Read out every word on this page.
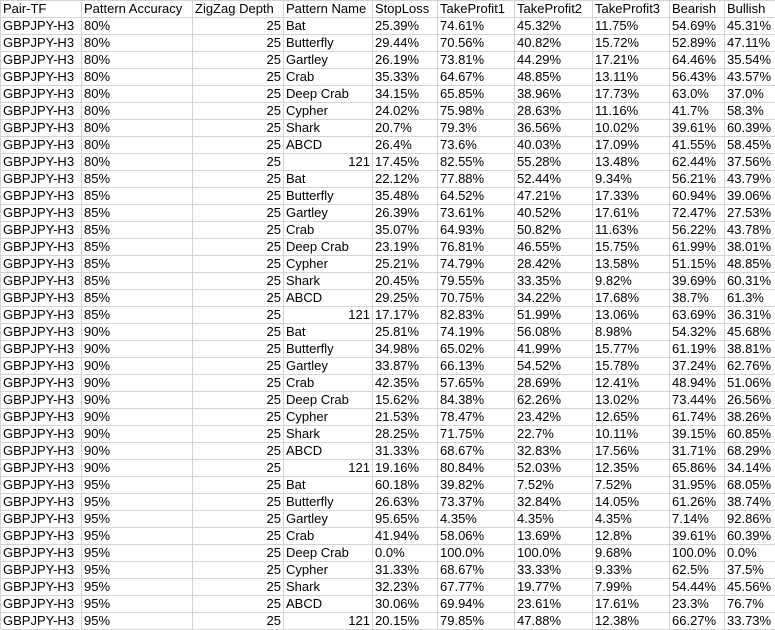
Pair-TF	Pattern Accuracy	ZigZag Depth	Pattern Name	StopLoss	TakeProfit1	TakeProfit2	TakeProfit3	Bearish	Bullish
GBPJPY-H3	80%	25	Bat	25.39%	74.61%	45.32%	11.75%	54.69%	45.31%
GBPJPY-H3	80%	25	Butterfly	29.44%	70.56%	40.82%	15.72%	52.89%	47.11%
GBPJPY-H3	80%	25	Gartley	26.19%	73.81%	44.29%	17.21%	64.46%	35.54%
GBPJPY-H3	80%	25	Crab	35.33%	64.67%	48.85%	13.11%	56.43%	43.57%
GBPJPY-H3	80%	25	Deep Crab	34.15%	65.85%	38.96%	17.73%	63.0%	37.0%
GBPJPY-H3	80%	25	Cypher	24.02%	75.98%	28.63%	11.16%	41.7%	58.3%
GBPJPY-H3	80%	25	Shark	20.7%	79.3%	36.56%	10.02%	39.61%	60.39%
GBPJPY-H3	80%	25	ABCD	26.4%	73.6%	40.03%	17.09%	41.55%	58.45%
GBPJPY-H3	80%	25	121	17.45%	82.55%	55.28%	13.48%	62.44%	37.56%
GBPJPY-H3	85%	25	Bat	22.12%	77.88%	52.44%	9.34%	56.21%	43.79%
GBPJPY-H3	85%	25	Butterfly	35.48%	64.52%	47.21%	17.33%	60.94%	39.06%
GBPJPY-H3	85%	25	Gartley	26.39%	73.61%	40.52%	17.61%	72.47%	27.53%
GBPJPY-H3	85%	25	Crab	35.07%	64.93%	50.82%	11.63%	56.22%	43.78%
GBPJPY-H3	85%	25	Deep Crab	23.19%	76.81%	46.55%	15.75%	61.99%	38.01%
GBPJPY-H3	85%	25	Cypher	25.21%	74.79%	28.42%	13.58%	51.15%	48.85%
GBPJPY-H3	85%	25	Shark	20.45%	79.55%	33.35%	9.82%	39.69%	60.31%
GBPJPY-H3	85%	25	ABCD	29.25%	70.75%	34.22%	17.68%	38.7%	61.3%
GBPJPY-H3	85%	25	121	17.17%	82.83%	51.99%	13.06%	63.69%	36.31%
GBPJPY-H3	90%	25	Bat	25.81%	74.19%	56.08%	8.98%	54.32%	45.68%
GBPJPY-H3	90%	25	Butterfly	34.98%	65.02%	41.99%	15.77%	61.19%	38.81%
GBPJPY-H3	90%	25	Gartley	33.87%	66.13%	54.52%	15.78%	37.24%	62.76%
GBPJPY-H3	90%	25	Crab	42.35%	57.65%	28.69%	12.41%	48.94%	51.06%
GBPJPY-H3	90%	25	Deep Crab	15.62%	84.38%	62.26%	13.02%	73.44%	26.56%
GBPJPY-H3	90%	25	Cypher	21.53%	78.47%	23.42%	12.65%	61.74%	38.26%
GBPJPY-H3	90%	25	Shark	28.25%	71.75%	22.7%	10.11%	39.15%	60.85%
GBPJPY-H3	90%	25	ABCD	31.33%	68.67%	32.83%	17.56%	31.71%	68.29%
GBPJPY-H3	90%	25	121	19.16%	80.84%	52.03%	12.35%	65.86%	34.14%
GBPJPY-H3	95%	25	Bat	60.18%	39.82%	7.52%	7.52%	31.95%	68.05%
GBPJPY-H3	95%	25	Butterfly	26.63%	73.37%	32.84%	14.05%	61.26%	38.74%
GBPJPY-H3	95%	25	Gartley	95.65%	4.35%	4.35%	4.35%	7.14%	92.86%
GBPJPY-H3	95%	25	Crab	41.94%	58.06%	13.69%	12.8%	39.61%	60.39%
GBPJPY-H3	95%	25	Deep Crab	0.0%	100.0%	100.0%	9.68%	100.0%	0.0%
GBPJPY-H3	95%	25	Cypher	31.33%	68.67%	33.33%	9.33%	62.5%	37.5%
GBPJPY-H3	95%	25	Shark	32.23%	67.77%	19.77%	7.99%	54.44%	45.56%
GBPJPY-H3	95%	25	ABCD	30.06%	69.94%	23.61%	17.61%	23.3%	76.7%
GBPJPY-H3	95%	25	121	20.15%	79.85%	47.88%	12.38%	66.27%	33.73%
